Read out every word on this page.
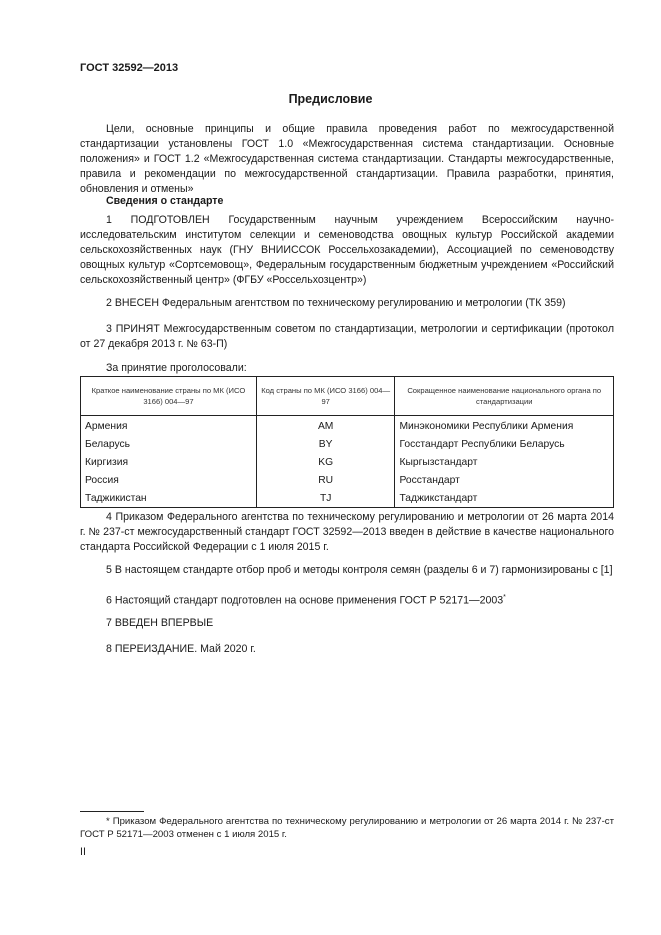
ГОСТ 32592—2013
Предисловие

Цели, основные принципы и общие правила проведения работ по межгосударственной стандартизации установлены ГОСТ 1.0 «Межгосударственная система стандартизации. Основные положения» и ГОСТ 1.2 «Межгосударственная система стандартизации. Стандарты межгосударственные, правила и рекомендации по межгосударственной стандартизации. Правила разработки, принятия, обновления и отмены»

Сведения о стандарте

1 ПОДГОТОВЛЕН Государственным научным учреждением Всероссийским научно-исследовательским институтом селекции и семеноводства овощных культур Российской академии сельскохозяйственных наук (ГНУ ВНИИССОК Россельхозакадемии), Ассоциацией по семеноводству овощных культур «Сортсемовощ», Федеральным государственным бюджетным учреждением «Российский сельскохозяйственный центр» (ФГБУ «Россельхозцентр»)

2 ВНЕСЕН Федеральным агентством по техническому регулированию и метрологии (ТК 359)

3 ПРИНЯТ Межгосударственным советом по стандартизации, метрологии и сертификации (протокол от 27 декабря 2013 г. № 63-П)

За принятие проголосовали:

Краткое наименование страны по МК (ИСО 3166) 004—97	Код страны по МК (ИСО 3166) 004—97	Сокращенное наименование национального органа по стандартизации
Армения	AM	Минэкономики Республики Армения
Беларусь	BY	Госстандарт Республики Беларусь
Киргизия	KG	Кыргызстандарт
Россия	RU	Росстандарт
Таджикистан	TJ	Таджикстандарт

4 Приказом Федерального агентства по техническому регулированию и метрологии от 26 марта 2014 г. № 237-ст межгосударственный стандарт ГОСТ 32592—2013 введен в действие в качестве национального стандарта Российской Федерации с 1 июля 2015 г.

5 В настоящем стандарте отбор проб и методы контроля семян (разделы 6 и 7) гармонизированы с [1]

6 Настоящий стандарт подготовлен на основе применения ГОСТ Р 52171—2003*

7 ВВЕДЕН ВПЕРВЫЕ

8 ПЕРЕИЗДАНИЕ. Май 2020 г.

* Приказом Федерального агентства по техническому регулированию и метрологии от 26 марта 2014 г. № 237-ст ГОСТ Р 52171—2003 отменен с 1 июля 2015 г.

II
